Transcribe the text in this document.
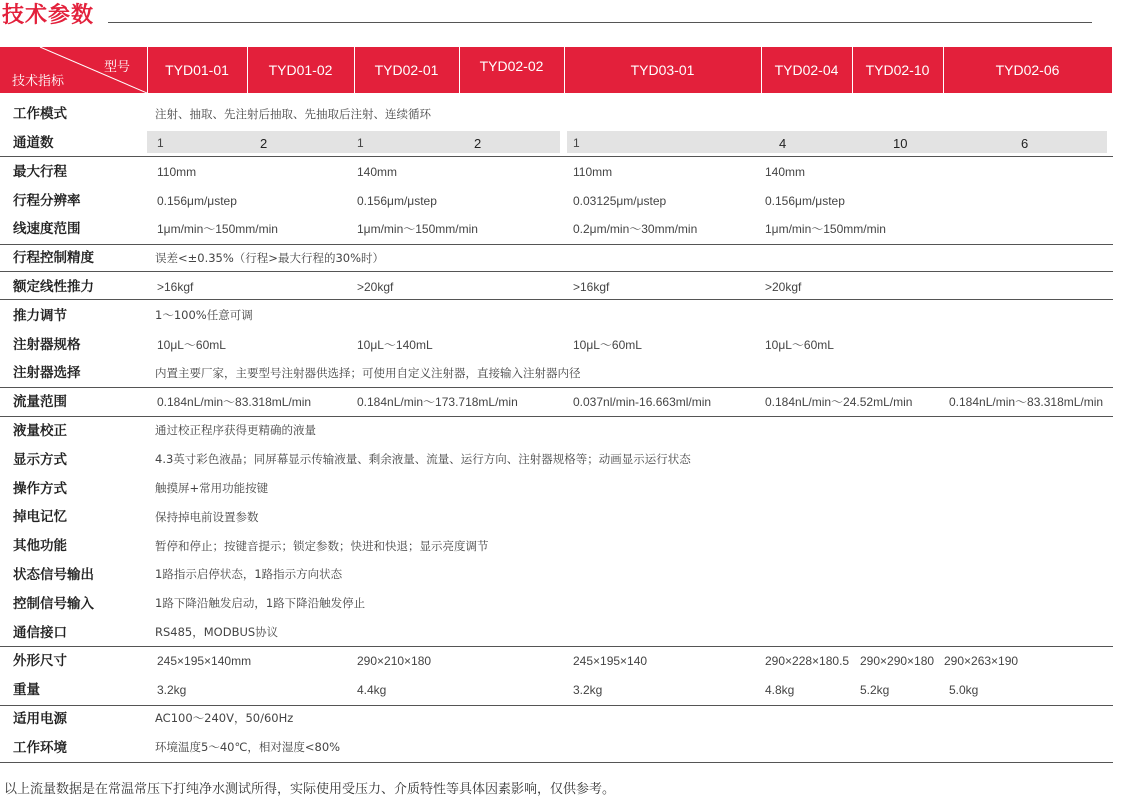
技术参数
型号
技术指标
TYD01-01	TYD01-02	TYD02-01	TYD02-02	TYD03-01	TYD02-04	TYD02-10	TYD02-06
工作模式	注射、抽取、先注射后抽取、先抽取后注射、连续循环
通道数	1	2	1	2	1	4	10	6
最大行程	110mm	140mm	110mm	140mm
行程分辨率	0.156μm/μstep	0.156μm/μstep	0.03125μm/μstep	0.156μm/μstep
线速度范围	1μm/min～150mm/min	1μm/min～150mm/min	0.2μm/min～30mm/min	1μm/min～150mm/min
行程控制精度	误差<±0.35%（行程>最大行程的30%时）
额定线性推力	>16kgf	>20kgf	>16kgf	>20kgf
推力调节	1～100%任意可调
注射器规格	10μL～60mL	10μL～140mL	10μL～60mL	10μL～60mL
注射器选择	内置主要厂家，主要型号注射器供选择；可使用自定义注射器，直接输入注射器内径
流量范围	0.184nL/min～83.318mL/min	0.184nL/min～173.718mL/min	0.037nl/min-16.663ml/min	0.184nL/min～24.52mL/min	0.184nL/min～83.318mL/min
液量校正	通过校正程序获得更精确的液量
显示方式	4.3英寸彩色液晶；同屏幕显示传输液量、剩余液量、流量、运行方向、注射器规格等；动画显示运行状态
操作方式	触摸屏+常用功能按键
掉电记忆	保持掉电前设置参数
其他功能	暂停和停止；按键音提示；锁定参数；快进和快退；显示亮度调节
状态信号输出	1路指示启停状态，1路指示方向状态
控制信号输入	1路下降沿触发启动，1路下降沿触发停止
通信接口	RS485，MODBUS协议
外形尺寸	245×195×140mm	290×210×180	245×195×140	290×228×180.5 290×290×180 290×263×190
重量	3.2kg	4.4kg	3.2kg	4.8kg	5.2kg	5.0kg
适用电源	AC100～240V，50/60Hz
工作环境	环境温度5～40℃，相对湿度<80%
以上流量数据是在常温常压下打纯净水测试所得，实际使用受压力、介质特性等具体因素影响，仅供参考。
